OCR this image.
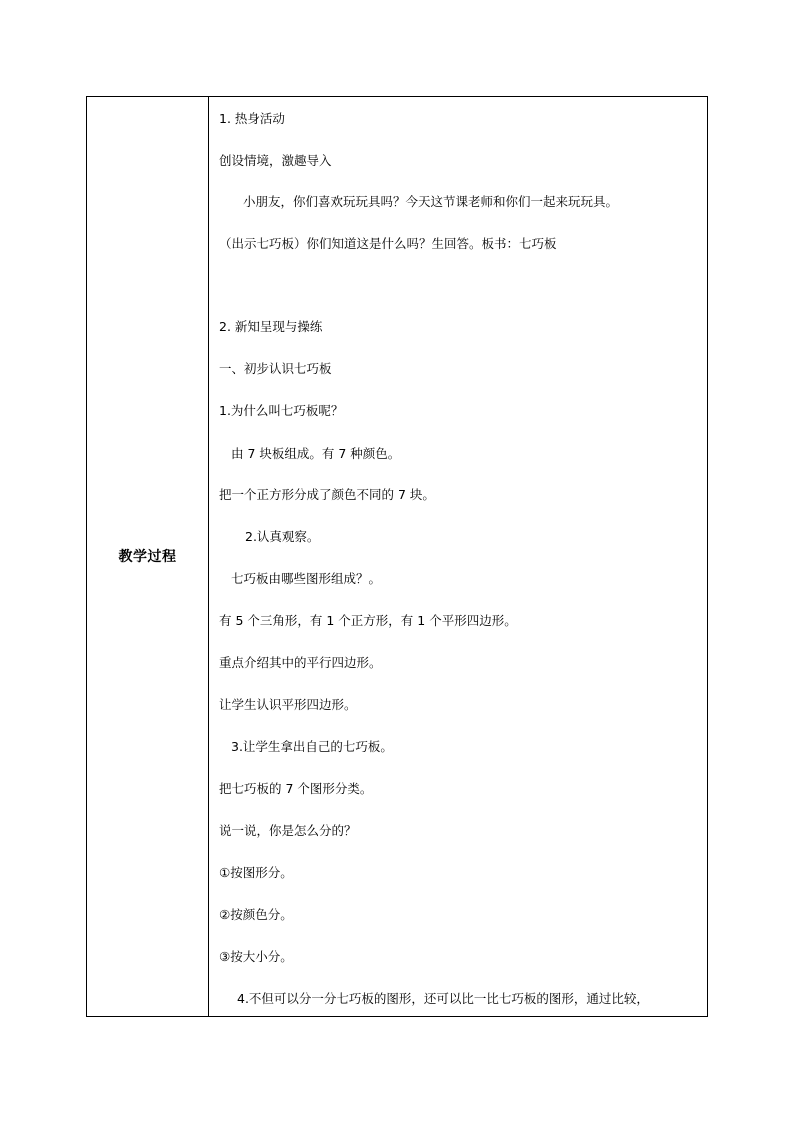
教学过程
1. 热身活动
创设情境，激趣导入
小朋友，你们喜欢玩玩具吗？今天这节课老师和你们一起来玩玩具。
（出示七巧板）你们知道这是什么吗？生回答。板书：七巧板
2. 新知呈现与操练
一、初步认识七巧板
1.为什么叫七巧板呢？
由 7 块板组成。有 7 种颜色。
把一个正方形分成了颜色不同的 7 块。
2.认真观察。
七巧板由哪些图形组成？。
有 5 个三角形，有 1 个正方形，有 1 个平形四边形。
重点介绍其中的平行四边形。
让学生认识平形四边形。
3.让学生拿出自己的七巧板。
把七巧板的 7 个图形分类。
说一说，你是怎么分的？
①按图形分。
②按颜色分。
③按大小分。
4.不但可以分一分七巧板的图形，还可以比一比七巧板的图形，通过比较，
